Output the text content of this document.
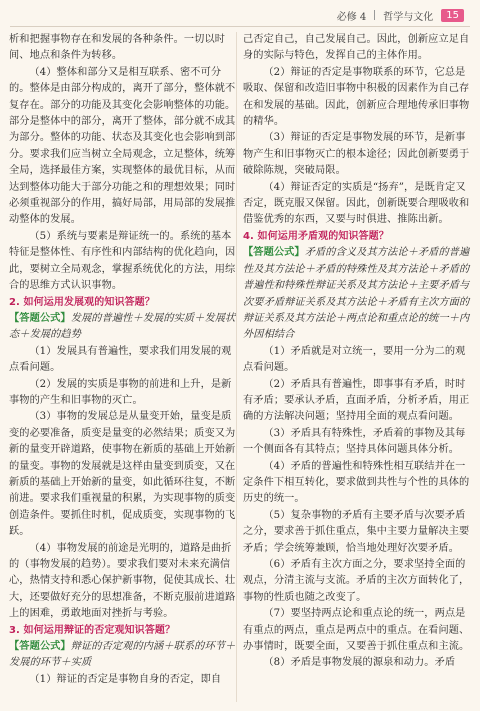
必修 4 哲学与文化	15

析和把握事物存在和发展的各种条件。一切以时间、地点和条件为转移。

（4）整体和部分又是相互联系、密不可分的。整体是由部分构成的，离开了部分，整体就不复存在。部分的功能及其变化会影响整体的功能。部分是整体中的部分，离开了整体，部分就不成其为部分。整体的功能、状态及其变化也会影响到部分。要求我们应当树立全局观念，立足整体，统筹全局，选择最佳方案，实现整体的最优目标，从而达到整体功能大于部分功能之和的理想效果；同时必须重视部分的作用，搞好局部，用局部的发展推动整体的发展。

（5）系统与要素是辩证统一的。系统的基本特征是整体性、有序性和内部结构的优化趋向，因此，要树立全局观念，掌握系统优化的方法，用综合的思维方式认识事物。

2. 如何运用发展观的知识答题？

【答题公式】发展的普遍性＋发展的实质＋发展状态＋发展的趋势

（1）发展具有普遍性，要求我们用发展的观点看问题。

（2）发展的实质是事物的前进和上升，是新事物的产生和旧事物的灭亡。

（3）事物的发展总是从量变开始，量变是质变的必要准备，质变是量变的必然结果；质变又为新的量变开辟道路，使事物在新质的基础上开始新的量变。事物的发展就是这样由量变到质变，又在新质的基础上开始新的量变，如此循环往复，不断前进。要求我们重视量的积累，为实现事物的质变创造条件。要抓住时机，促成质变，实现事物的飞跃。

（4）事物发展的前途是光明的，道路是曲折的（事物发展的趋势）。要求我们要对未来充满信心，热情支持和悉心保护新事物，促使其成长、壮大，还要做好充分的思想准备，不断克服前进道路上的困难，勇敢地面对挫折与考验。

3. 如何运用辩证的否定观知识答题？

【答题公式】辩证的否定观的内涵＋联系的环节＋发展的环节＋实质

（1）辩证的否定是事物自身的否定，即自

己否定自己，自己发展自己。因此，创新应立足自身的实际与特色，发挥自己的主体作用。

（2）辩证的否定是事物联系的环节，它总是吸取、保留和改造旧事物中积极的因素作为自己存在和发展的基础。因此，创新应合理地传承旧事物的精华。

（3）辩证的否定是事物发展的环节，是新事物产生和旧事物灭亡的根本途径；因此创新要勇于破除陈规，突破局限。

（4）辩证否定的实质是“扬弃”，是既肯定又否定，既克服又保留。因此，创新既要合理吸收和借鉴优秀的东西，又要与时俱进、推陈出新。

4. 如何运用矛盾观的知识答题？

【答题公式】矛盾的含义及其方法论＋矛盾的普遍性及其方法论＋矛盾的特殊性及其方法论＋矛盾的普遍性和特殊性辩证关系及其方法论＋主要矛盾与次要矛盾辩证关系及其方法论＋矛盾有主次方面的辩证关系及其方法论＋两点论和重点论的统一＋内外因相结合

（1）矛盾就是对立统一，要用一分为二的观点看问题。

（2）矛盾具有普遍性，即事事有矛盾，时时有矛盾；要承认矛盾，直面矛盾，分析矛盾，用正确的方法解决问题；坚持用全面的观点看问题。

（3）矛盾具有特殊性，矛盾着的事物及其每一个侧面各有其特点；坚持具体问题具体分析。

（4）矛盾的普遍性和特殊性相互联结并在一定条件下相互转化，要求做到共性与个性的具体的历史的统一。

（5）复杂事物的矛盾有主要矛盾与次要矛盾之分，要求善于抓住重点，集中主要力量解决主要矛盾；学会统筹兼顾，恰当地处理好次要矛盾。

（6）矛盾有主次方面之分，要求坚持全面的观点，分清主流与支流。矛盾的主次方面转化了，事物的性质也随之改变了。

（7）要坚持两点论和重点论的统一，两点是有重点的两点，重点是两点中的重点。在看问题、办事情时，既要全面，又要善于抓住重点和主流。

（8）矛盾是事物发展的源泉和动力。矛盾
